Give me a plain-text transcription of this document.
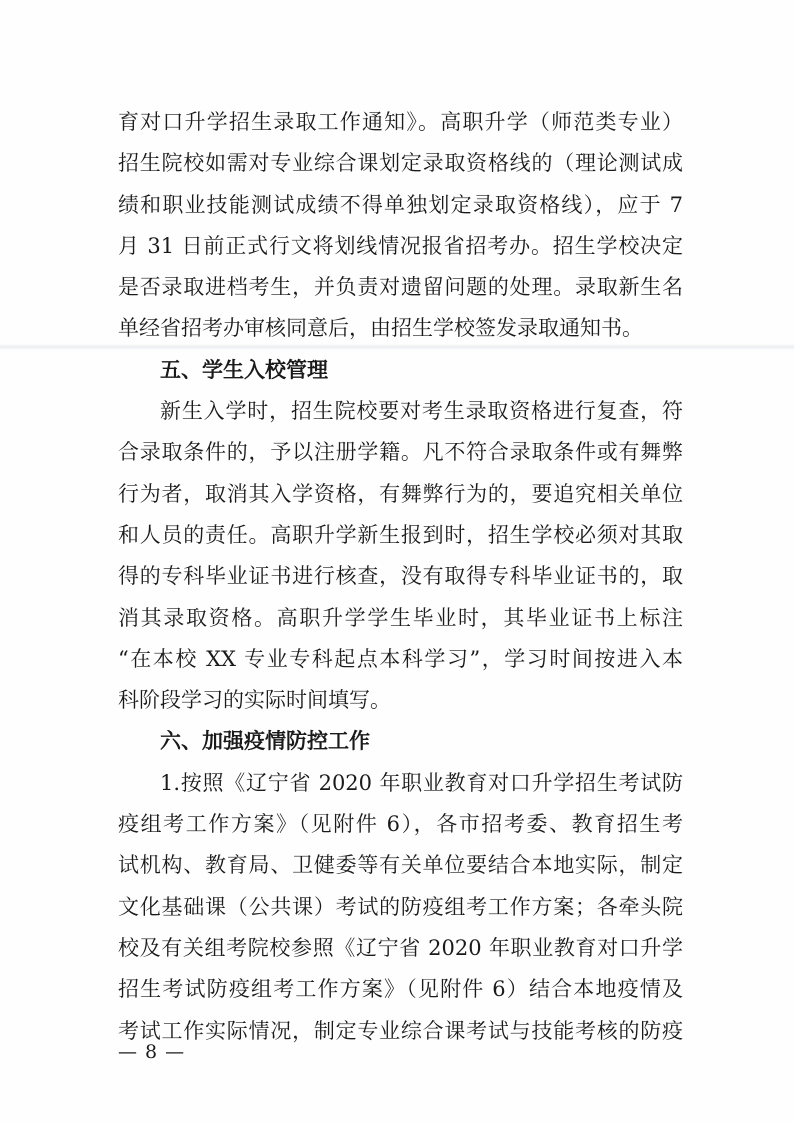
育对口升学招生录取工作通知》。高职升学（师范类专业）
招生院校如需对专业综合课划定录取资格线的（理论测试成
绩和职业技能测试成绩不得单独划定录取资格线），应于 7
月 31 日前正式行文将划线情况报省招考办。招生学校决定
是否录取进档考生，并负责对遗留问题的处理。录取新生名
单经省招考办审核同意后，由招生学校签发录取通知书。
五、学生入校管理
新生入学时，招生院校要对考生录取资格进行复查，符
合录取条件的，予以注册学籍。凡不符合录取条件或有舞弊
行为者，取消其入学资格，有舞弊行为的，要追究相关单位
和人员的责任。高职升学新生报到时，招生学校必须对其取
得的专科毕业证书进行核查，没有取得专科毕业证书的，取
消其录取资格。高职升学学生毕业时，其毕业证书上标注
“在本校 XX 专业专科起点本科学习”，学习时间按进入本
科阶段学习的实际时间填写。
六、加强疫情防控工作
1.按照《辽宁省 2020 年职业教育对口升学招生考试防
疫组考工作方案》（见附件 6），各市招考委、教育招生考
试机构、教育局、卫健委等有关单位要结合本地实际，制定
文化基础课（公共课）考试的防疫组考工作方案；各牵头院
校及有关组考院校参照《辽宁省 2020 年职业教育对口升学
招生考试防疫组考工作方案》（见附件 6）结合本地疫情及
考试工作实际情况，制定专业综合课考试与技能考核的防疫
— 8 —
